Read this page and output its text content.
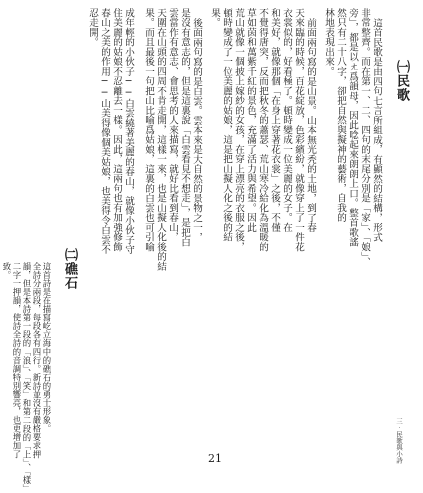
㈠民歌
這首民歌是由四句七言所組成，有顯然的結構，形式
非常整齊。而在第一、二、四句的末尾分別是「家」、「娘」、
旁」，都是以ㄤ爲韻母，因此唸起來朗朗上口。整首歌謠
然只有二十八字，卻把自然與擬神的藝術，自我的
林地表現出來。
前面兩句寫的是山景。山本無光秃的土地，到了春
天來臨的時候，百花綻放，色彩繽紛，就像穿上了一件花
衣裳似的，好看極了。頓時變成一位美麗的女子。在
和美好，就像那個「在身上穿著花衣裳」之後，不僅
不覺得唐突，反而把秋冬的蕭瑟、荒山寒冷給化為溫暖的
草如茵和萬紫千紅的景色，充滿了活力與希望。因此
荒山就像一個披上嫁紗的女孩，在穿上漂亮的衣服之後，
頓時變成了一位美麗的姑娘，這是把山擬人化之後的結
果。
後面兩句寫的是白雲。雲本來是大自然的景物之一，
是沒有意志的，但是這裏說「白雲看見不想走」，是把白
雲當作有意志、會思考的人來描寫，就好比看到春山，
天圍在山頭的四周不肯走開，這樣一來，也是山擬人化後的結
果。而且最後一句把山比喻爲姑娘，這裏的白雲也可引喻
成年輕的小伙子──白雲繞著美麗的春山，就像小伙子守
住美麗的姑娘不忍離去一樣。因此，這兩句也有加強修飾
春山之美的作用──山美得像個美姑娘，也美得令白雲不
忍走開。
㈡礁石
這首詩是在描寫屹立海中的礁石的勇士形象。
全詩分兩段，每段各有四行。新詩並沒有嚴格要求押
韻，但是本詩第一段的「浪」、「笑」和第二段的「上」、「樣」
二字一押韻，使詩全詩的音調特別響亮，也更增加了
致。
三‧民歌與小詩
21
